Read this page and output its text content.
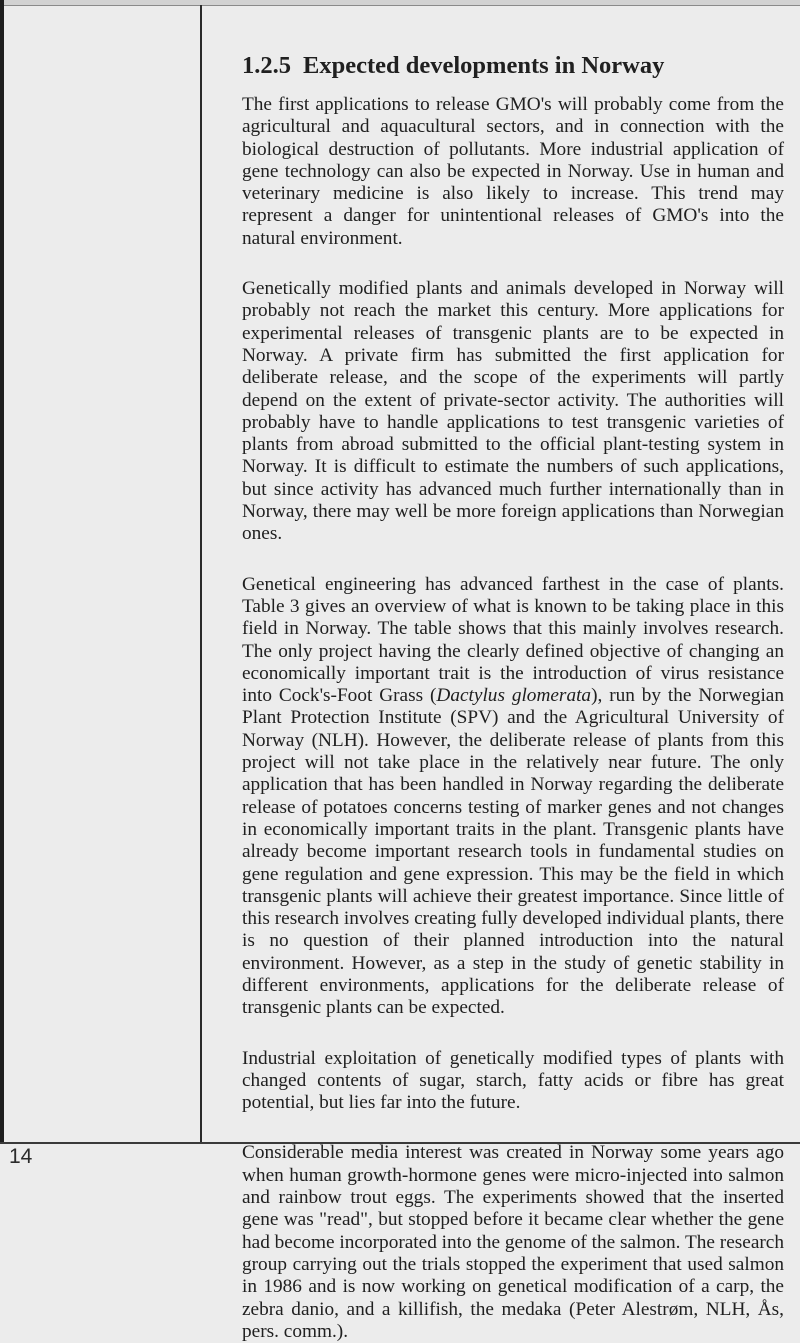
14
1.2.5 Expected developments in Norway

The first applications to release GMO's will probably come from the agricultural and aquacultural sectors, and in connection with the biological destruction of pollutants. More industrial application of gene technology can also be expected in Norway. Use in human and veterinary medicine is also likely to increase. This trend may represent a danger for unintentional releases of GMO's into the natural environment.

Genetically modified plants and animals developed in Norway will probably not reach the market this century. More applications for experimental releases of transgenic plants are to be expected in Norway. A private firm has submitted the first application for deliberate release, and the scope of the experiments will partly depend on the extent of private-sector activity. The authorities will probably have to handle applications to test transgenic varieties of plants from abroad submitted to the official plant-testing system in Norway. It is difficult to estimate the numbers of such applications, but since activity has advanced much further internationally than in Norway, there may well be more foreign applications than Norwegian ones.

Genetical engineering has advanced farthest in the case of plants. Table 3 gives an overview of what is known to be taking place in this field in Norway. The table shows that this mainly involves research. The only project having the clearly defined objective of changing an economically important trait is the introduction of virus resistance into Cock's-Foot Grass (Dactylus glomerata), run by the Norwegian Plant Protection Institute (SPV) and the Agricultural University of Norway (NLH). However, the deliberate release of plants from this project will not take place in the relatively near future. The only application that has been handled in Norway regarding the deliberate release of potatoes concerns testing of marker genes and not changes in economically important traits in the plant. Transgenic plants have already become important research tools in fundamental studies on gene regulation and gene expression. This may be the field in which transgenic plants will achieve their greatest importance. Since little of this research involves creating fully developed individual plants, there is no question of their planned introduction into the natural environment. However, as a step in the study of genetic stability in different environments, applications for the deliberate release of transgenic plants can be expected.

Industrial exploitation of genetically modified types of plants with changed contents of sugar, starch, fatty acids or fibre has great potential, but lies far into the future.

Considerable media interest was created in Norway some years ago when human growth-hormone genes were micro-injected into salmon and rainbow trout eggs. The experiments showed that the inserted gene was "read", but stopped before it became clear whether the gene had become incorporated into the genome of the salmon. The research group carrying out the trials stopped the experiment that used salmon in 1986 and is now working on genetical modification of a carp, the zebra danio, and a killifish, the medaka (Peter Alestrøm, NLH, Ås, pers. comm.).
